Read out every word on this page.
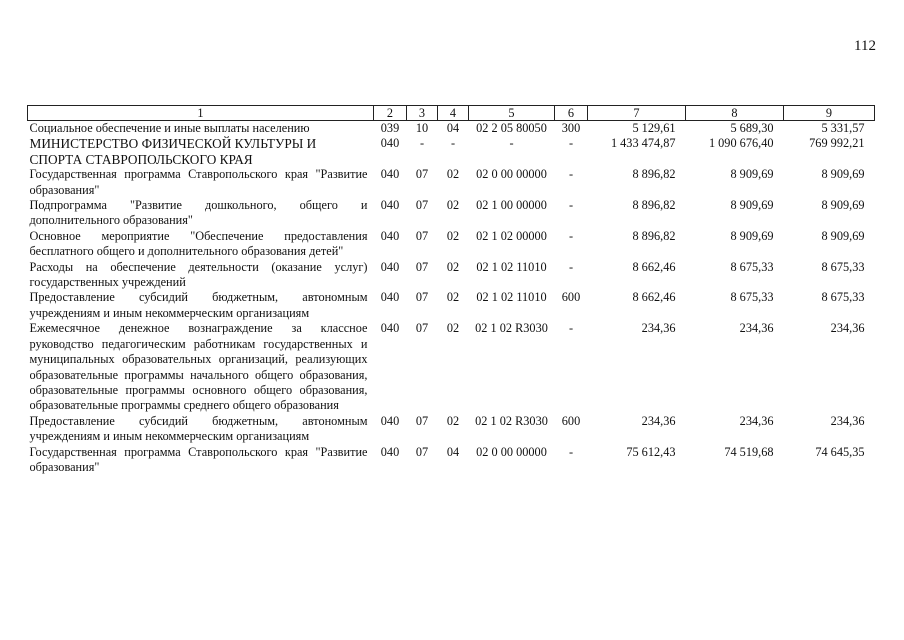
112
1	2	3	4	5	6	7	8	9
Социальное обеспечение и иные выплаты населению	039	10	04	02 2 05 80050	300	5 129,61	5 689,30	5 331,57
МИНИСТЕРСТВО ФИЗИЧЕСКОЙ КУЛЬТУРЫ И СПОРТА СТАВРОПОЛЬСКОГО КРАЯ	040	-	-	-	-	1 433 474,87	1 090 676,40	769 992,21
Государственная программа Ставропольского края "Развитие образования"	040	07	02	02 0 00 00000	-	8 896,82	8 909,69	8 909,69
Подпрограмма "Развитие дошкольного, общего и дополнительного образования"	040	07	02	02 1 00 00000	-	8 896,82	8 909,69	8 909,69
Основное мероприятие "Обеспечение предоставления бесплатного общего и дополнительного образования детей"	040	07	02	02 1 02 00000	-	8 896,82	8 909,69	8 909,69
Расходы на обеспечение деятельности (оказание услуг) государственных учреждений	040	07	02	02 1 02 11010	-	8 662,46	8 675,33	8 675,33
Предоставление субсидий бюджетным, автономным учреждениям и иным некоммерческим организациям	040	07	02	02 1 02 11010	600	8 662,46	8 675,33	8 675,33
Ежемесячное денежное вознаграждение за классное руководство педагогическим работникам государственных и муниципальных образовательных организаций, реализующих образовательные программы начального общего образования, образовательные программы основного общего образования, образовательные программы среднего общего образования	040	07	02	02 1 02 R3030	-	234,36	234,36	234,36
Предоставление субсидий бюджетным, автономным учреждениям и иным некоммерческим организациям	040	07	02	02 1 02 R3030	600	234,36	234,36	234,36
Государственная программа Ставропольского края "Развитие образования"	040	07	04	02 0 00 00000	-	75 612,43	74 519,68	74 645,35
